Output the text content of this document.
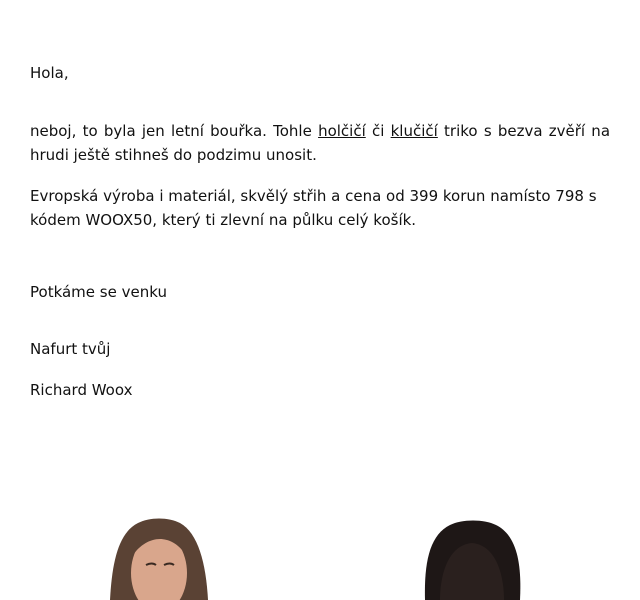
Hola,

neboj, to byla jen letní bouřka. Tohle holčičí či klučičí triko s bezva zvěří na hrudi ještě stihneš do podzimu unosit.

Evropská výroba i materiál, skvělý střih a cena od 399 korun namísto 798 s kódem WOOX50, který ti zlevní na půlku celý košík.

Potkáme se venku

Nafurt tvůj

Richard Woox
